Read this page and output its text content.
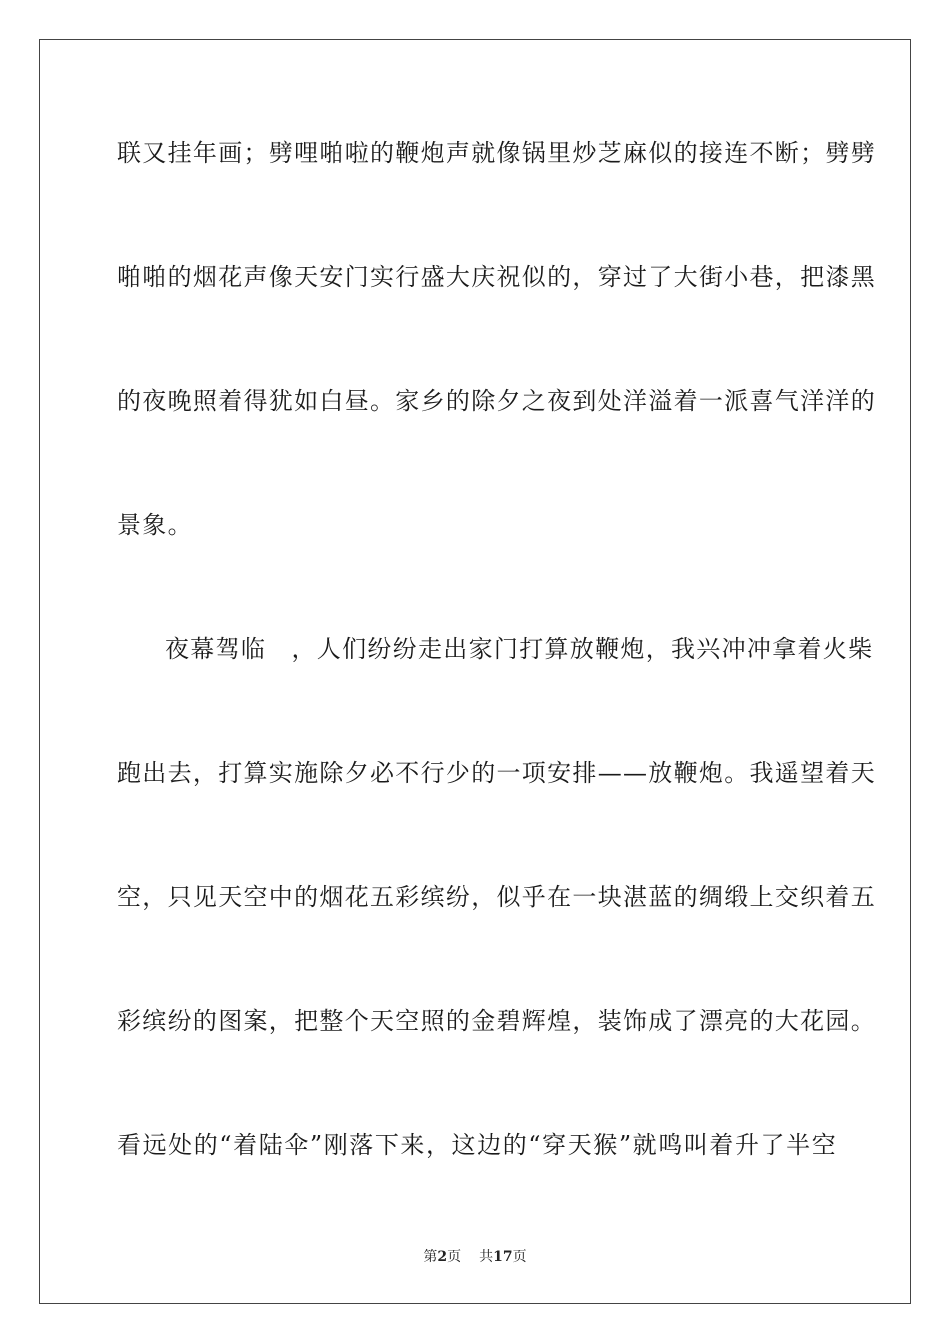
联又挂年画；劈哩啪啦的鞭炮声就像锅里炒芝麻似的接连不断；劈劈
啪啪的烟花声像天安门实行盛大庆祝似的，穿过了大街小巷，把漆黑
的夜晚照着得犹如白昼。家乡的除夕之夜到处洋溢着一派喜气洋洋的
景象。
夜幕驾临　，人们纷纷走出家门打算放鞭炮，我兴冲冲拿着火柴
跑出去，打算实施除夕必不行少的一项安排——放鞭炮。我遥望着天
空，只见天空中的烟花五彩缤纷，似乎在一块湛蓝的绸缎上交织着五
彩缤纷的图案，把整个天空照的金碧辉煌，装饰成了漂亮的大花园。
看远处的“着陆伞”刚落下来，这边的“穿天猴”就鸣叫着升了半空
第2页 共17页
